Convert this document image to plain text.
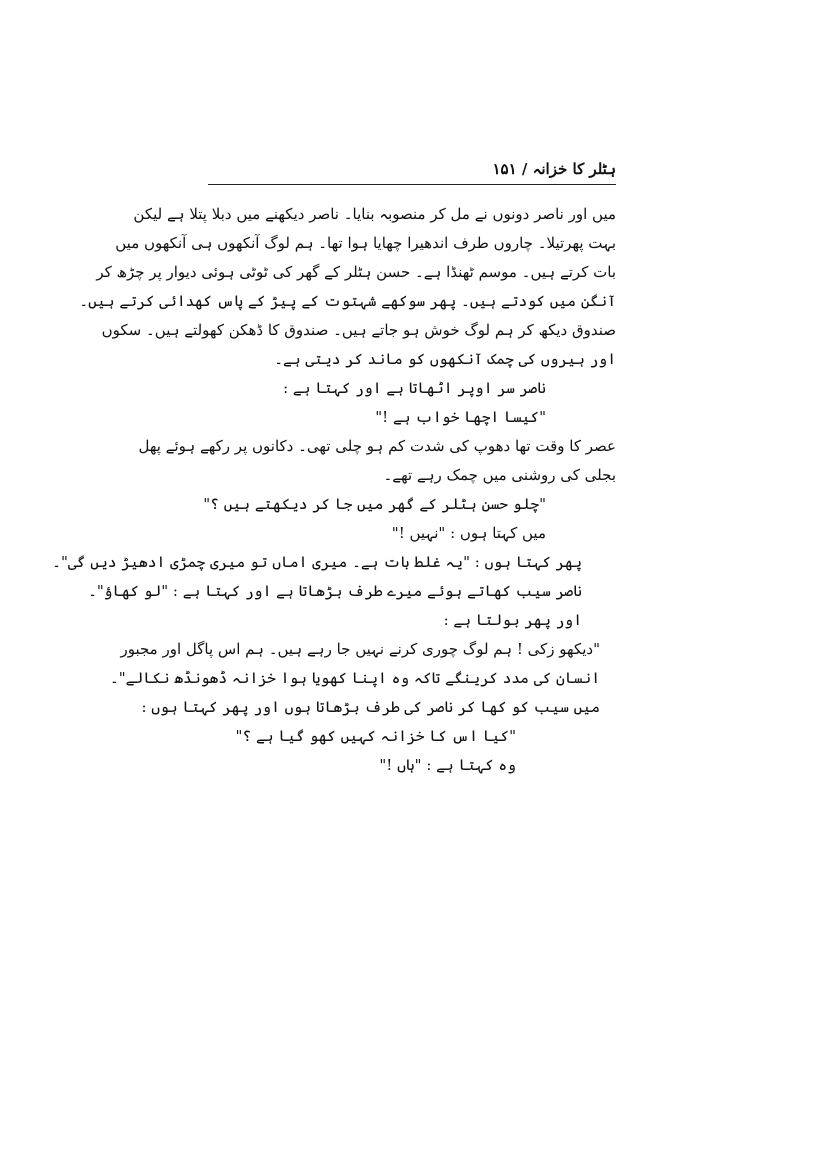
ہٹلر کا خزانہ / ۱۵۱
میں اور ناصر دونوں نے مل کر منصوبہ بنایا۔ ناصر دیکھنے میں دبلا پتلا ہے لیکن
بہت پھرتیلا۔ چاروں طرف اندھیرا چھایا ہوا تھا۔ ہم لوگ آنکھوں ہی آنکھوں میں
بات کرتے ہیں۔ موسم ٹھنڈا ہے۔ حسن ہٹلر کے گھر کی ٹوٹی ہوئی دیوار پر چڑھ کر
آنگن میں کودتے ہیں۔ پھر سوکھے شہتوت کے پیڑ کے پاس کھدائی کرتے ہیں۔
صندوق دیکھ کر ہم لوگ خوش ہو جاتے ہیں۔ صندوق کا ڈھکن کھولتے ہیں۔ سکوں
اور ہیروں کی چمک آنکھوں کو ماند کر دیتی ہے۔
ناصر سر اوپر اٹھاتا ہے اور کہتا ہے :
"کیسا اچھا خواب ہے !"
عصر کا وقت تھا دھوپ کی شدت کم ہو چلی تھی۔ دکانوں پر رکھے ہوئے پھل
بجلی کی روشنی میں چمک رہے تھے۔
"چلو حسن ہٹلر کے گھر میں جا کر دیکھتے ہیں ؟"
میں کہتا ہوں : "نہیں !"
پھر کہتا ہوں : "یہ غلط بات ہے۔ میری اماں تو میری چمڑی ادھیڑ دیں گی"۔
ناصر سیب کھاتے ہوئے میرے طرف بڑھاتا ہے اور کہتا ہے : "لو کھاؤ"۔
اور پھر بولتا ہے :
"دیکھو زکی ! ہم لوگ چوری کرنے نہیں جا رہے ہیں۔ ہم اس پاگل اور مجبور
انسان کی مدد کرینگے تاکہ وہ اپنا کھویا ہوا خزانہ ڈھونڈھ نکالے"۔
میں سیب کو کھا کر ناصر کی طرف بڑھاتا ہوں اور پھر کہتا ہوں :
"کیا اس کا خزانہ کہیں کھو گیا ہے ؟"
وہ کہتا ہے : "ہاں !"
